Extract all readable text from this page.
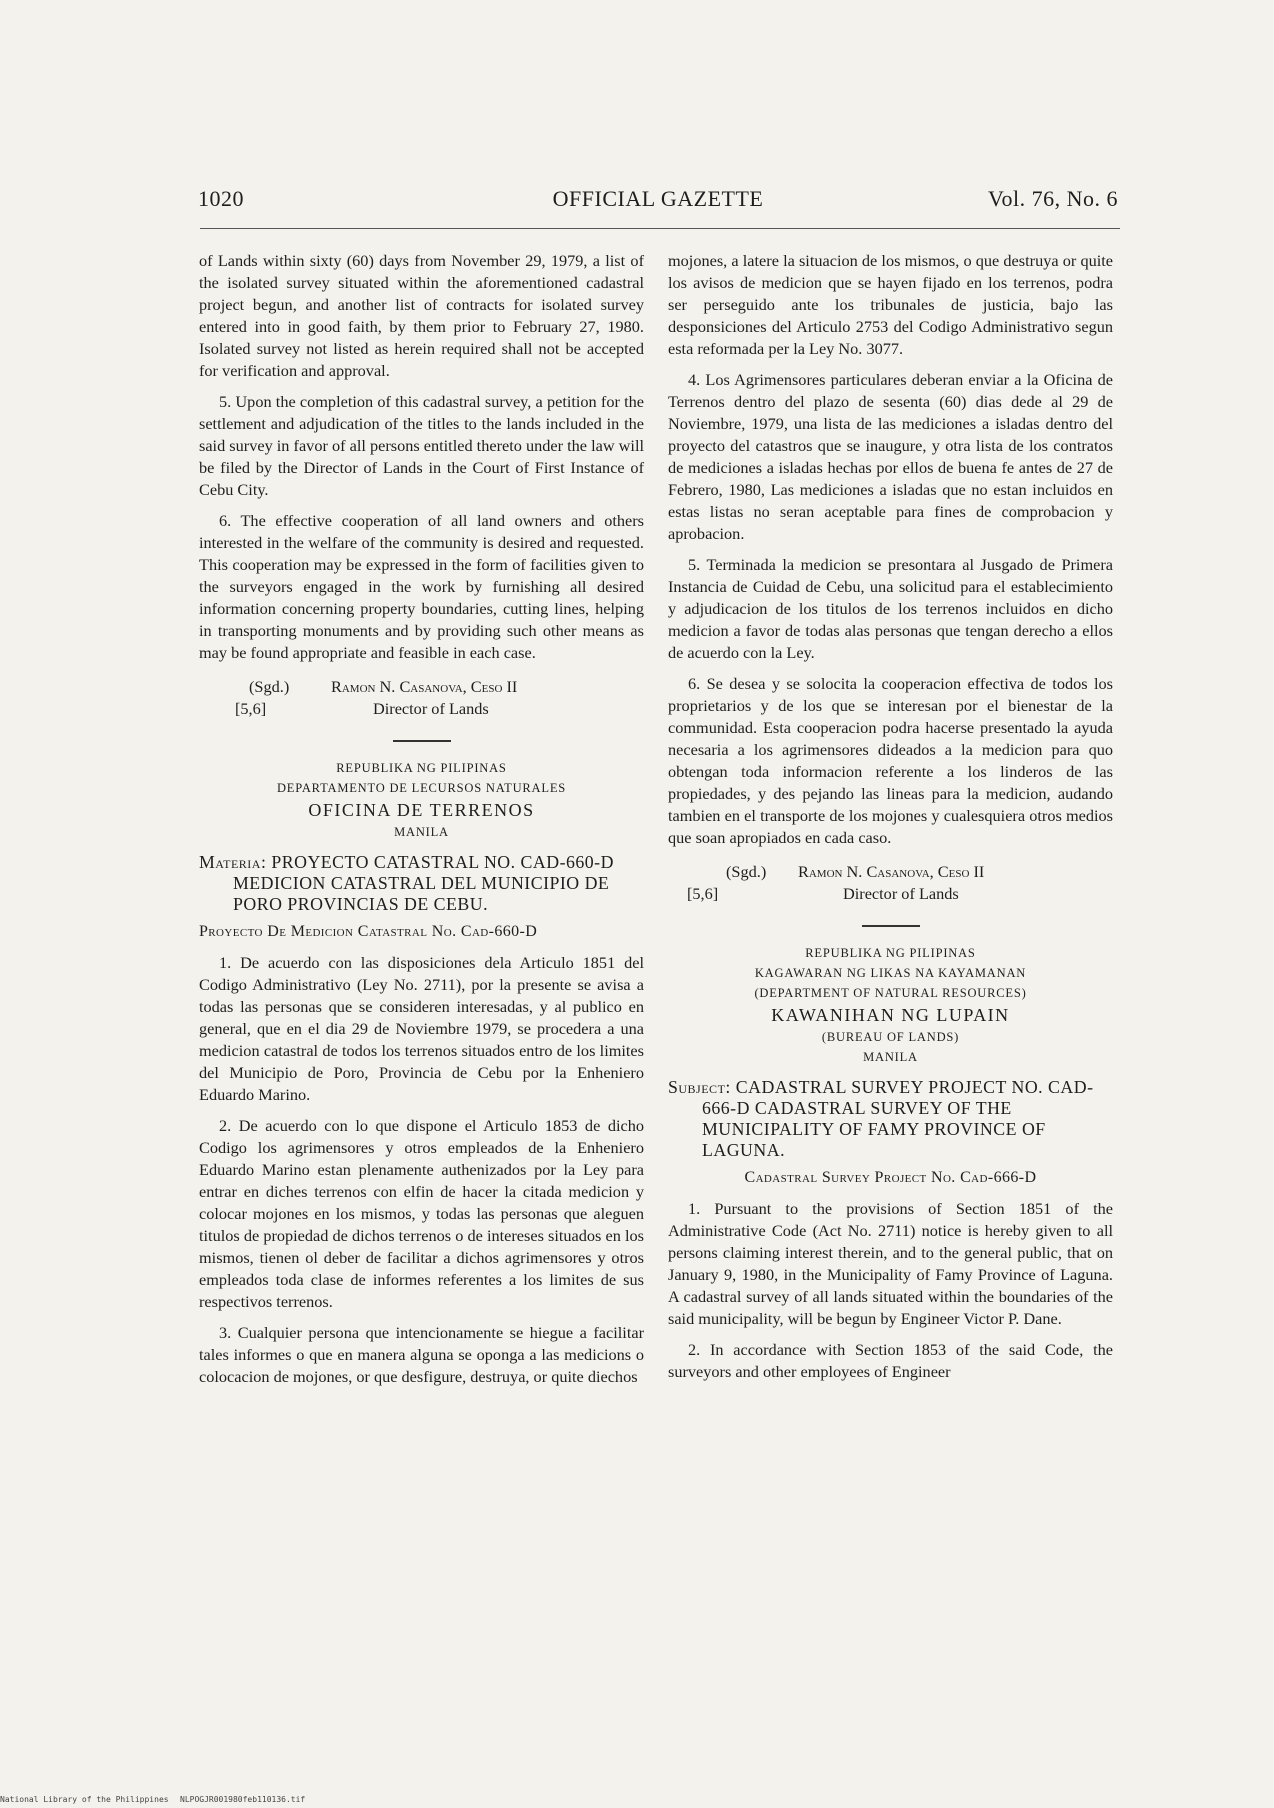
1020	OFFICIAL GAZETTE	Vol. 76, No. 6

of Lands within sixty (60) days from November 29, 1979, a list of the isolated survey situated within the aforementioned cadastral project begun, and another list of contracts for isolated survey entered into in good faith, by them prior to February 27, 1980. Isolated survey not listed as herein required shall not be accepted for verification and approval.

5. Upon the completion of this cadastral survey, a petition for the settlement and adjudication of the titles to the lands included in the said survey in favor of all persons entitled thereto under the law will be filed by the Director of Lands in the Court of First Instance of Cebu City.

6. The effective cooperation of all land owners and others interested in the welfare of the community is desired and requested. This cooperation may be expressed in the form of facilities given to the surveyors engaged in the work by furnishing all desired information concerning property boundaries, cutting lines, helping in transporting monuments and by providing such other means as may be found appropriate and feasible in each case.

(Sgd.)	Ramon N. Casanova, Ceso II
[5,6]	Director of Lands
REPUBLIKA NG PILIPINAS
DEPARTAMENTO DE LECURSOS NATURALES
OFICINA DE TERRENOS
MANILA
Materia: PROYECTO CATASTRAL NO. CAD-660-D MEDICION CATASTRAL DEL MUNICIPIO DE PORO PROVINCIAS DE CEBU.
Proyecto De Medicion Catastral No. Cad-660-D

1. De acuerdo con las disposiciones dela Articulo 1851 del Codigo Administrativo (Ley No. 2711), por la presente se avisa a todas las personas que se consideren interesadas, y al publico en general, que en el dia 29 de Noviembre 1979, se procedera a una medicion catastral de todos los terrenos situados entro de los limites del Municipio de Poro, Provincia de Cebu por la Enheniero Eduardo Marino.

2. De acuerdo con lo que dispone el Articulo 1853 de dicho Codigo los agrimensores y otros empleados de la Enheniero Eduardo Marino estan plenamente authenizados por la Ley para entrar en diches terrenos con elfin de hacer la citada medicion y colocar mojones en los mismos, y todas las personas que aleguen titulos de propiedad de dichos terrenos o de intereses situados en los mismos, tienen ol deber de facilitar a dichos agrimensores y otros empleados toda clase de informes referentes a los limites de sus respectivos terrenos.

3. Cualquier persona que intencionamente se hiegue a facilitar tales informes o que en manera alguna se oponga a las medicions o colocacion de mojones, or que desfigure, destruya, or quite diechos

mojones, a latere la situacion de los mismos, o que destruya or quite los avisos de medicion que se hayen fijado en los terrenos, podra ser perseguido ante los tribunales de justicia, bajo las desponsiciones del Articulo 2753 del Codigo Administrativo segun esta reformada per la Ley No. 3077.

4. Los Agrimensores particulares deberan enviar a la Oficina de Terrenos dentro del plazo de sesenta (60) dias dede al 29 de Noviembre, 1979, una lista de las mediciones a isladas dentro del proyecto del catastros que se inaugure, y otra lista de los contratos de mediciones a isladas hechas por ellos de buena fe antes de 27 de Febrero, 1980, Las mediciones a isladas que no estan incluidos en estas listas no seran aceptable para fines de comprobacion y aprobacion.

5. Terminada la medicion se presontara al Jusgado de Primera Instancia de Cuidad de Cebu, una solicitud para el establecimiento y adjudicacion de los titulos de los terrenos incluidos en dicho medicion a favor de todas alas personas que tengan derecho a ellos de acuerdo con la Ley.

6. Se desea y se solocita la cooperacion effectiva de todos los proprietarios y de los que se interesan por el bienestar de la communidad. Esta cooperacion podra hacerse presentado la ayuda necesaria a los agrimensores dideados a la medicion para quo obtengan toda informacion referente a los linderos de las propiedades, y des pejando las lineas para la medicion, audando tambien en el transporte de los mojones y cualesquiera otros medios que soan apropiados en cada caso.

(Sgd.) Ramon N. Casanova, Ceso II
[5,6]	Director of Lands
REPUBLIKA NG PILIPINAS
KAGAWARAN NG LIKAS NA KAYAMANAN
(DEPARTMENT OF NATURAL RESOURCES)
KAWANIHAN NG LUPAIN
(BUREAU OF LANDS)
MANILA
Subject: CADASTRAL SURVEY PROJECT NO. CAD-666-D CADASTRAL SURVEY OF THE MUNICIPALITY OF FAMY PROVINCE OF LAGUNA.
Cadastral Survey Project No. Cad-666-D

1. Pursuant to the provisions of Section 1851 of the Administrative Code (Act No. 2711) notice is hereby given to all persons claiming interest therein, and to the general public, that on January 9, 1980, in the Municipality of Famy Province of Laguna. A cadastral survey of all lands situated within the boundaries of the said municipality, will be begun by Engineer Victor P. Dane.

2. In accordance with Section 1853 of the said Code, the surveyors and other employees of Engineer

National Library of the Philippines NLPOGJR001980feb110136.tif
